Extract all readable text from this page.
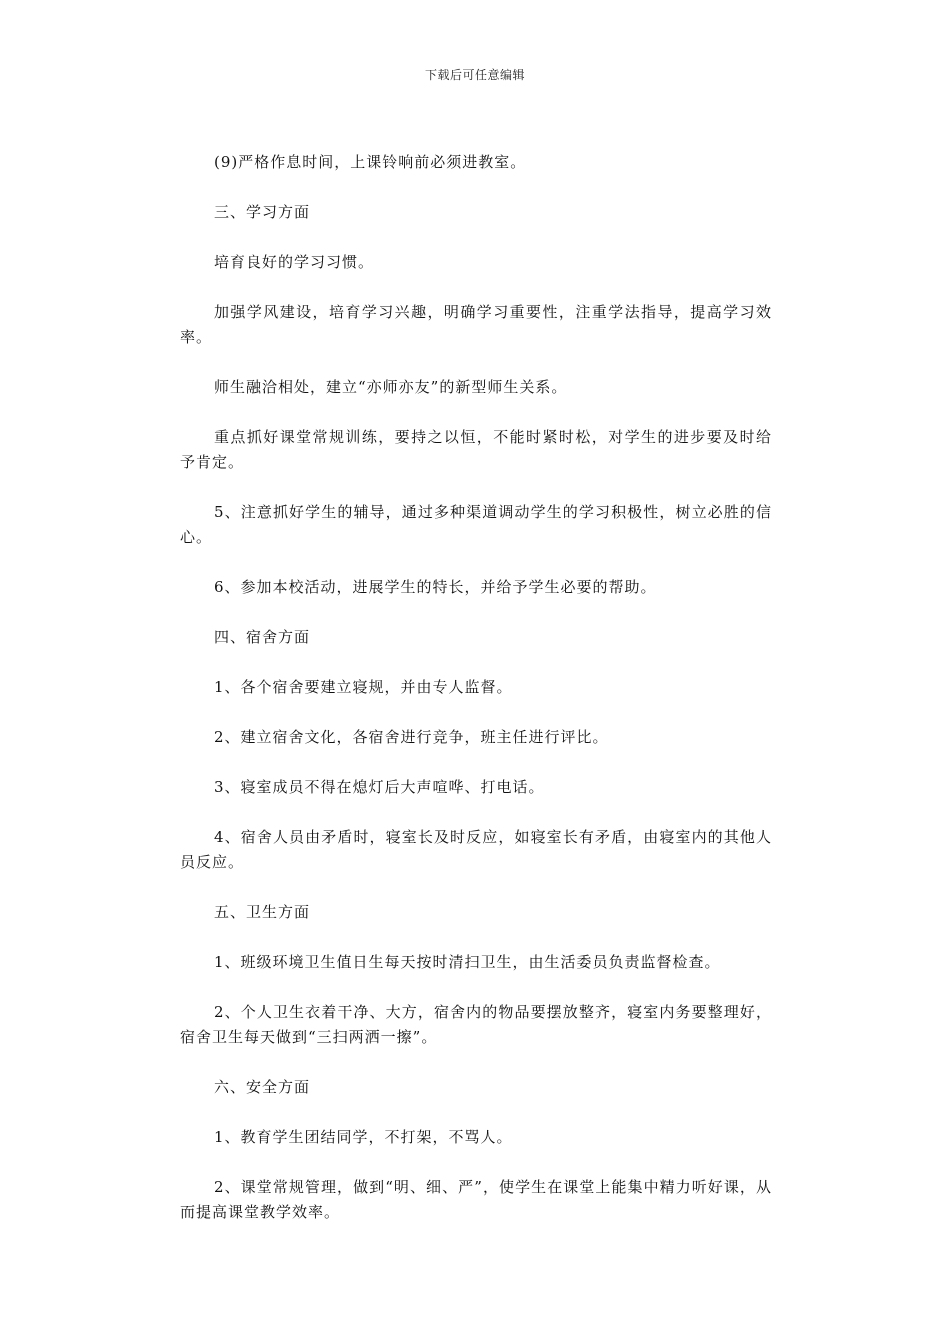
下载后可任意编辑

(9)严格作息时间，上课铃响前必须进教室。

三、学习方面

培育良好的学习习惯。

加强学风建设，培育学习兴趣，明确学习重要性，注重学法指导，提高学习效率。

师生融洽相处，建立“亦师亦友”的新型师生关系。

重点抓好课堂常规训练，要持之以恒，不能时紧时松，对学生的进步要及时给予肯定。

5、注意抓好学生的辅导，通过多种渠道调动学生的学习积极性，树立必胜的信心。

6、参加本校活动，进展学生的特长，并给予学生必要的帮助。

四、宿舍方面

1、各个宿舍要建立寝规，并由专人监督。

2、建立宿舍文化，各宿舍进行竞争，班主任进行评比。

3、寝室成员不得在熄灯后大声喧哗、打电话。

4、宿舍人员由矛盾时，寝室长及时反应，如寝室长有矛盾，由寝室内的其他人员反应。

五、卫生方面

1、班级环境卫生值日生每天按时清扫卫生，由生活委员负责监督检查。

2、个人卫生衣着干净、大方，宿舍内的物品要摆放整齐，寝室内务要整理好，宿舍卫生每天做到“三扫两洒一擦”。

六、安全方面

1、教育学生团结同学，不打架，不骂人。

2、课堂常规管理，做到“明、细、严”，使学生在课堂上能集中精力听好课，从而提高课堂教学效率。
